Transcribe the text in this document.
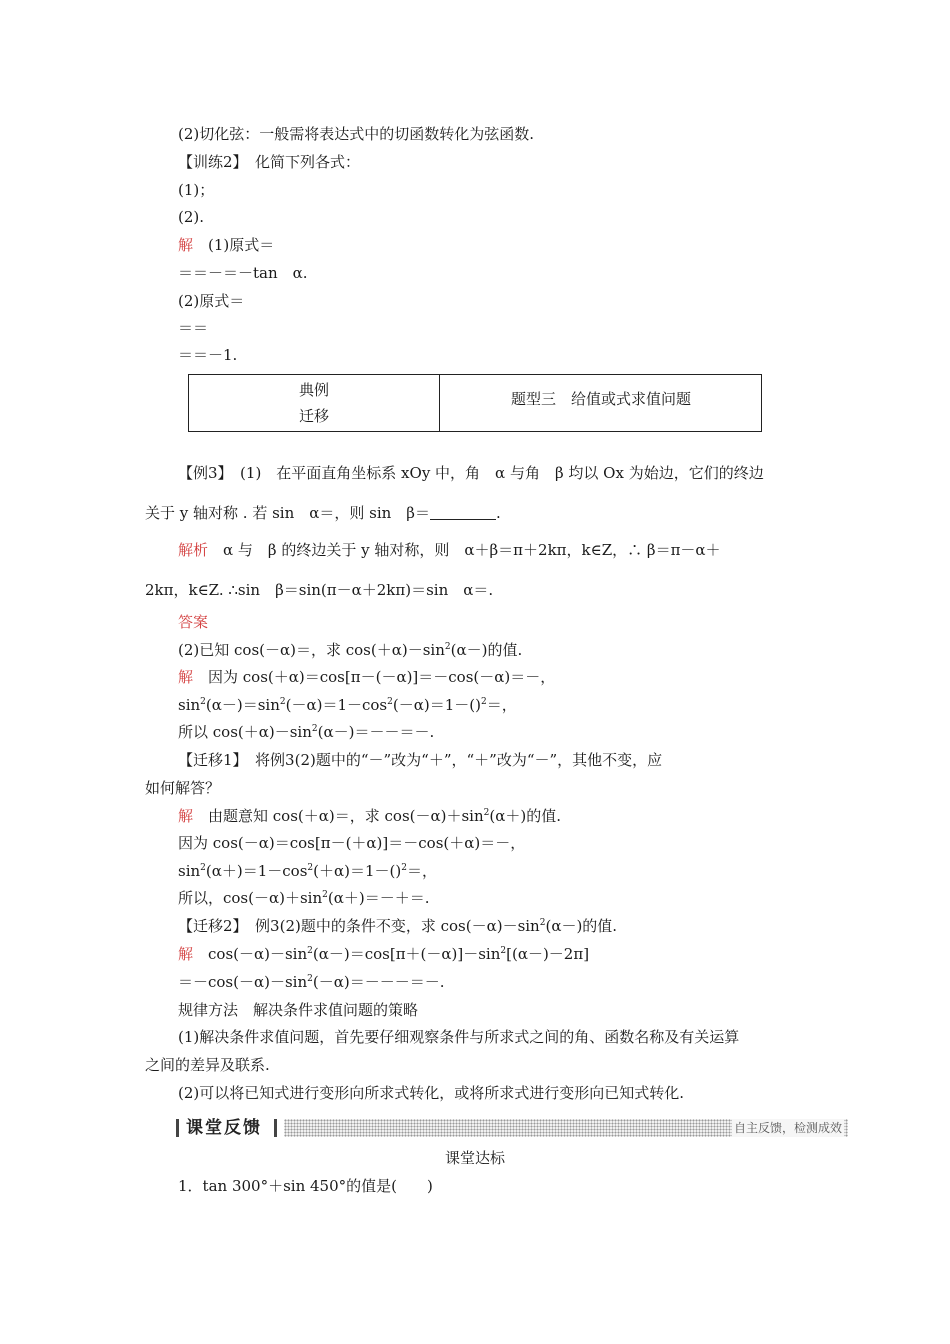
(2)切化弦：一般需将表达式中的切函数转化为弦函数.
【训练2】　化简下列各式：
(1)；
(2).
解　(1)原式＝
＝＝－＝－tan　α.
(2)原式＝
＝＝
＝＝－1.
典例
迁移
题型三　给值或式求值问题
【例3】　(1)　在平面直角坐标系 xOy 中，角　α 与角　β 均以 Ox 为始边，它们的终边
关于 y 轴对称 . 若 sin　α＝，则 sin　β＝	.
解析　α 与　β 的终边关于 y 轴对称，则　α＋β＝π＋2kπ，k∈Z，∴ β＝π－α＋
2kπ，k∈Z. ∴sin　β＝sin(π－α＋2kπ)＝sin　α＝.
答案
(2)已知 cos(－α)＝，求 $\cos(+\alpha)-\sin^2(\alpha-)$的值.
解　因为 cos(＋α)＝cos[π－(－α)]＝－cos(－α)＝－，
$\sin^2(\alpha-)=\sin^2(-\alpha)=1-\cos^2(-\alpha)=1-()^2=$，
所以 $\cos(+\alpha)-\sin^2(\alpha-)=--=-$.
【迁移1】　将例3(2)题中的“－”改为“＋”，“＋”改为“－”，其他不变，应
如何解答？
解　由题意知 cos(＋α)＝，求 $\cos(-\alpha)+\sin^2(\alpha+)$的值.
因为 cos(－α)＝cos[π－(＋α)]＝－cos(＋α)＝－，
$\sin^2(\alpha+)=1-\cos^2(+\alpha)=1-()^2=$，
所以，$\cos(-\alpha)+\sin^2(\alpha+)=-+=$.
【迁移2】　例3(2)题中的条件不变，求 $\cos(-\alpha)-\sin^2(\alpha-)$的值.
解　$\cos(-\alpha)-\sin^2(\alpha-)=\cos[\pi+(-\alpha)]-\sin^2[(\alpha-)-2\pi]$
$=-\cos(-\alpha)-\sin^2(-\alpha)=---=-$.
规律方法　解决条件求值问题的策略
(1)解决条件求值问题，首先要仔细观察条件与所求式之间的角、函数名称及有关运算
之间的差异及联系.
(2)可以将已知式进行变形向所求式转化，或将所求式进行变形向已知式转化.
课堂反馈	自主反馈，检测成效
课堂达标
1．tan 300°＋sin 450°的值是(　　)
